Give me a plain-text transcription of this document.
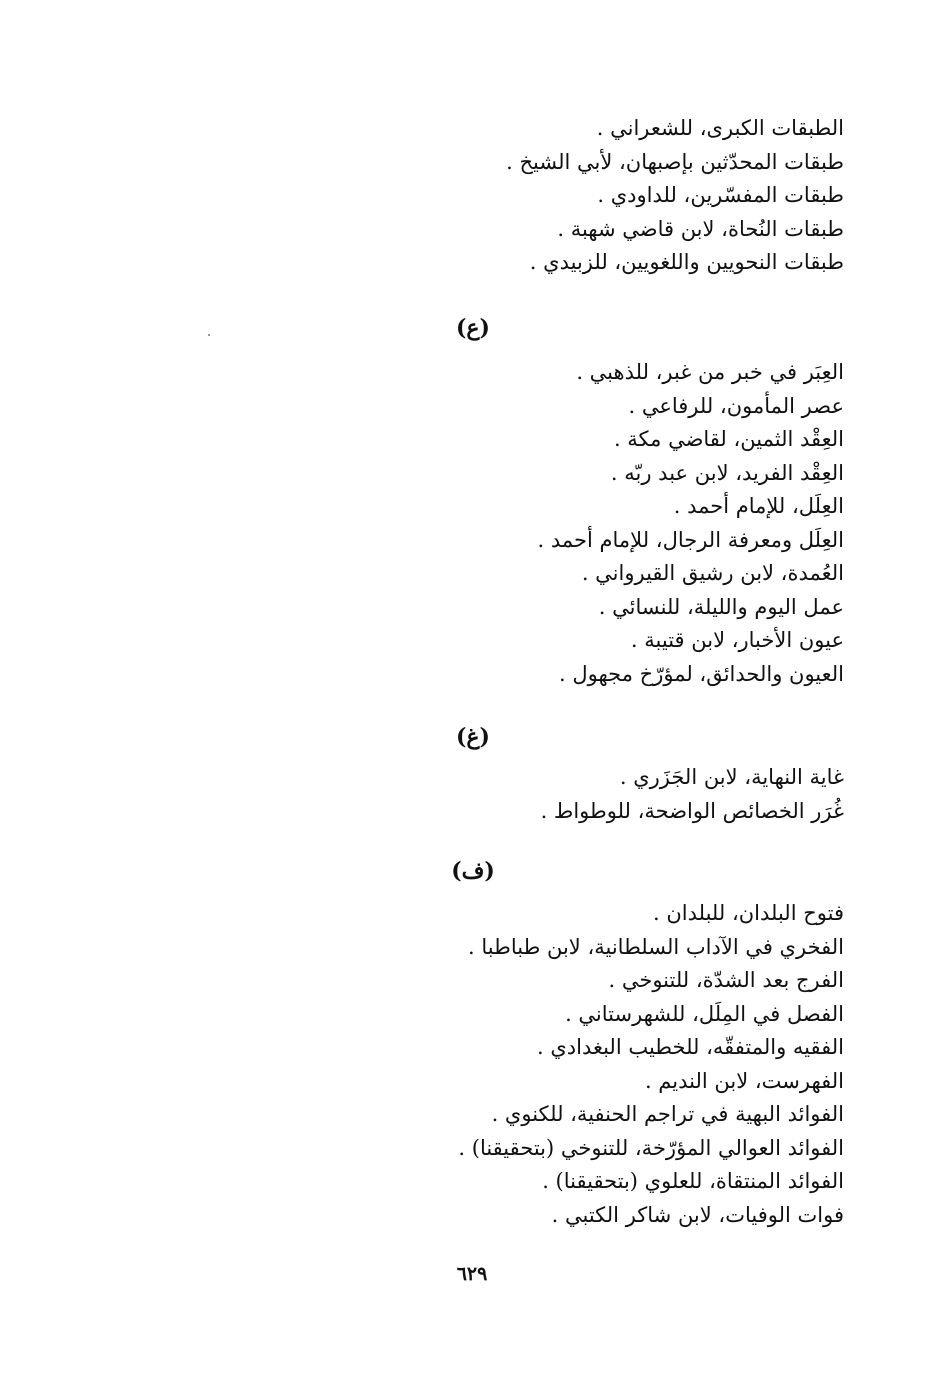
الطبقات الكبرى، للشعراني .
طبقات المحدّثين بإصبهان، لأبي الشيخ .
طبقات المفسّرين، للداودي .
طبقات النُحاة، لابن قاضي شهبة .
طبقات النحويين واللغويين، للزبيدي .
(ع)
العِبَر في خبر من غبر، للذهبي .
عصر المأمون، للرفاعي .
العِقْد الثمين، لقاضي مكة .
العِقْد الفريد، لابن عبد ربّه .
العِلَل، للإمام أحمد .
العِلَل ومعرفة الرجال، للإمام أحمد .
العُمدة، لابن رشيق القيرواني .
عمل اليوم والليلة، للنسائي .
عيون الأخبار، لابن قتيبة .
العيون والحدائق، لمؤرّخ مجهول .
(غ)
غاية النهاية، لابن الجَزَري .
غُرَر الخصائص الواضحة، للوطواط .
(ف)
فتوح البلدان، للبلدان .
الفخري في الآداب السلطانية، لابن طباطبا .
الفرج بعد الشدّة، للتنوخي .
الفصل في المِلَل، للشهرستاني .
الفقيه والمتفقّه، للخطيب البغدادي .
الفهرست، لابن النديم .
الفوائد البهية في تراجم الحنفية، للكنوي .
الفوائد العوالي المؤرّخة، للتنوخي (بتحقيقنا) .
الفوائد المنتقاة، للعلوي (بتحقيقنا) .
فوات الوفيات، لابن شاكر الكتبي .
٦٢٩
